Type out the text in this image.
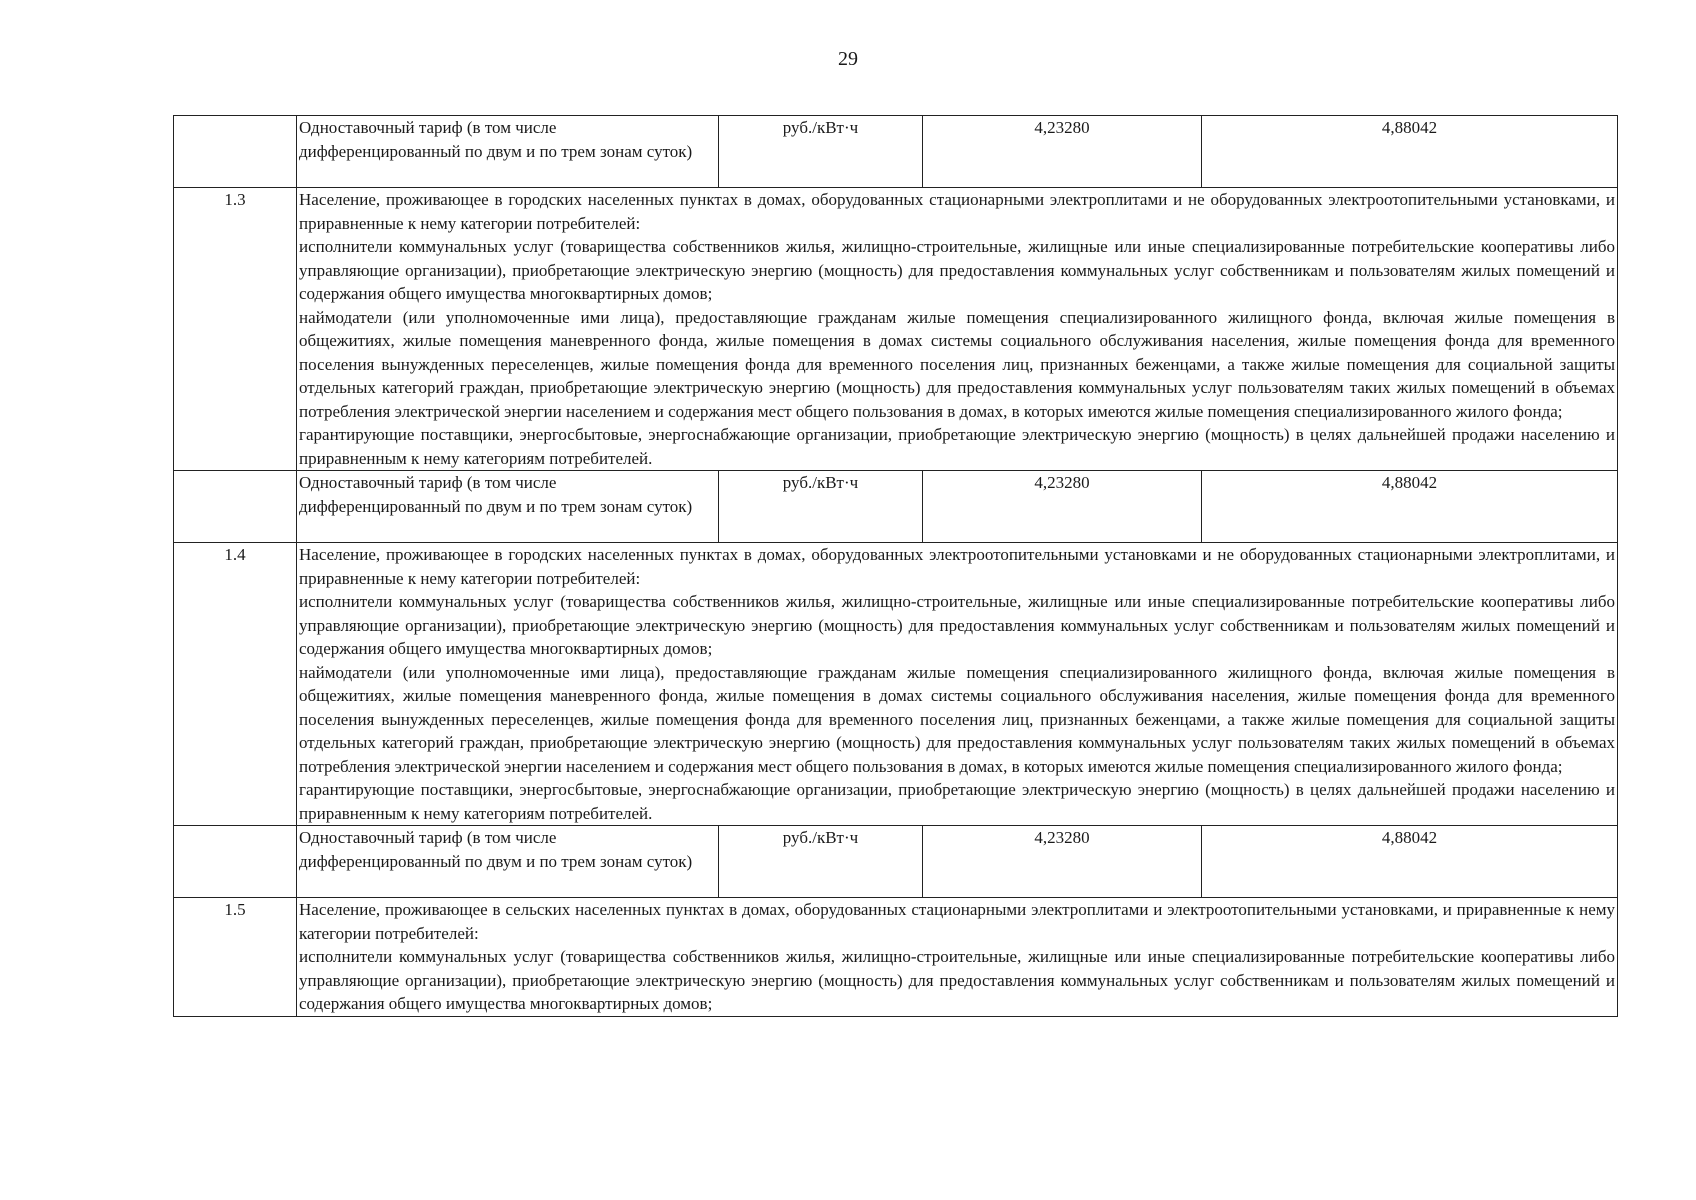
29
	Одноставочный тариф (в том числе дифференцированный по двум и по трем зонам суток)	руб./кВт·ч	4,23280	4,88042
1.3	Население, проживающее в городских населенных пунктах в домах, оборудованных стационарными электроплитами и не оборудованных электроотопительными установками, и приравненные к нему категории потребителей:

исполнители коммунальных услуг (товарищества собственников жилья, жилищно-строительные, жилищные или иные специализированные потребительские кооперативы либо управляющие организации), приобретающие электрическую энергию (мощность) для предоставления коммунальных услуг собственникам и пользователям жилых помещений и содержания общего имущества многоквартирных домов;

наймодатели (или уполномоченные ими лица), предоставляющие гражданам жилые помещения специализированного жилищного фонда, включая жилые помещения в общежитиях, жилые помещения маневренного фонда, жилые помещения в домах системы социального обслуживания населения, жилые помещения фонда для временного поселения вынужденных переселенцев, жилые помещения фонда для временного поселения лиц, признанных беженцами, а также жилые помещения для социальной защиты отдельных категорий граждан, приобретающие электрическую энергию (мощность) для предоставления коммунальных услуг пользователям таких жилых помещений в объемах потребления электрической энергии населением и содержания мест общего пользования в домах, в которых имеются жилые помещения специализированного жилого фонда;

гарантирующие поставщики, энергосбытовые, энергоснабжающие организации, приобретающие электрическую энергию (мощность) в целях дальнейшей продажи населению и приравненным к нему категориям потребителей.			

	Одноставочный тариф (в том числе дифференцированный по двум и по трем зонам суток)	руб./кВт·ч	4,23280	4,88042
1.4	Население, проживающее в городских населенных пунктах в домах, оборудованных электроотопительными установками и не оборудованных стационарными электроплитами, и приравненные к нему категории потребителей:

исполнители коммунальных услуг (товарищества собственников жилья, жилищно-строительные, жилищные или иные специализированные потребительские кооперативы либо управляющие организации), приобретающие электрическую энергию (мощность) для предоставления коммунальных услуг собственникам и пользователям жилых помещений и содержания общего имущества многоквартирных домов;

наймодатели (или уполномоченные ими лица), предоставляющие гражданам жилые помещения специализированного жилищного фонда, включая жилые помещения в общежитиях, жилые помещения маневренного фонда, жилые помещения в домах системы социального обслуживания населения, жилые помещения фонда для временного поселения вынужденных переселенцев, жилые помещения фонда для временного поселения лиц, признанных беженцами, а также жилые помещения для социальной защиты отдельных категорий граждан, приобретающие электрическую энергию (мощность) для предоставления коммунальных услуг пользователям таких жилых помещений в объемах потребления электрической энергии населением и содержания мест общего пользования в домах, в которых имеются жилые помещения специализированного жилого фонда;

гарантирующие поставщики, энергосбытовые, энергоснабжающие организации, приобретающие электрическую энергию (мощность) в целях дальнейшей продажи населению и приравненным к нему категориям потребителей.			

	Одноставочный тариф (в том числе дифференцированный по двум и по трем зонам суток)	руб./кВт·ч	4,23280	4,88042
1.5	Население, проживающее в сельских населенных пунктах в домах, оборудованных стационарными электроплитами и электроотопительными установками, и приравненные к нему категории потребителей:

исполнители коммунальных услуг (товарищества собственников жилья, жилищно-строительные, жилищные или иные специализированные потребительские кооперативы либо управляющие организации), приобретающие электрическую энергию (мощность) для предоставления коммунальных услуг собственникам и пользователям жилых помещений и содержания общего имущества многоквартирных домов;			
